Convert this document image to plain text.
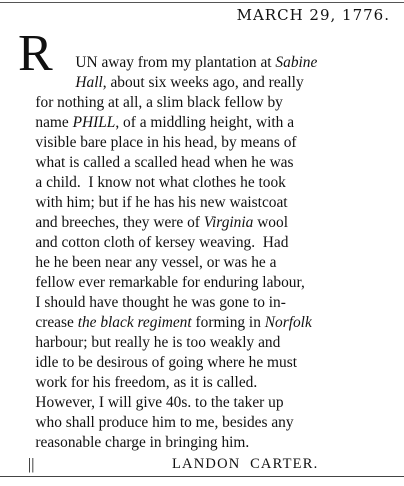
MARCH 29, 1776.
R	UN away from my plantation at Sabine

Hall, about six weeks ago, and really

for nothing at all, a slim black fellow by

name PHILL, of a middling height, with a

visible bare place in his head, by means of

what is called a scalled head when he was

a child.  I know not what clothes he took

with him; but if he has his new waistcoat

and breeches, they were of Virginia wool

and cotton cloth of kersey weaving.  Had

he he been near any vessel, or was he a

fellow ever remarkable for enduring labour,

I should have thought he was gone to in-

crease the black regiment forming in Norfolk

harbour; but really he is too weakly and

idle to be desirous of going where he must

work for his freedom, as it is called.

However, I will give 40s. to the taker up

who shall produce him to me, besides any

reasonable charge in bringing him.

||	LANDON  CARTER.
